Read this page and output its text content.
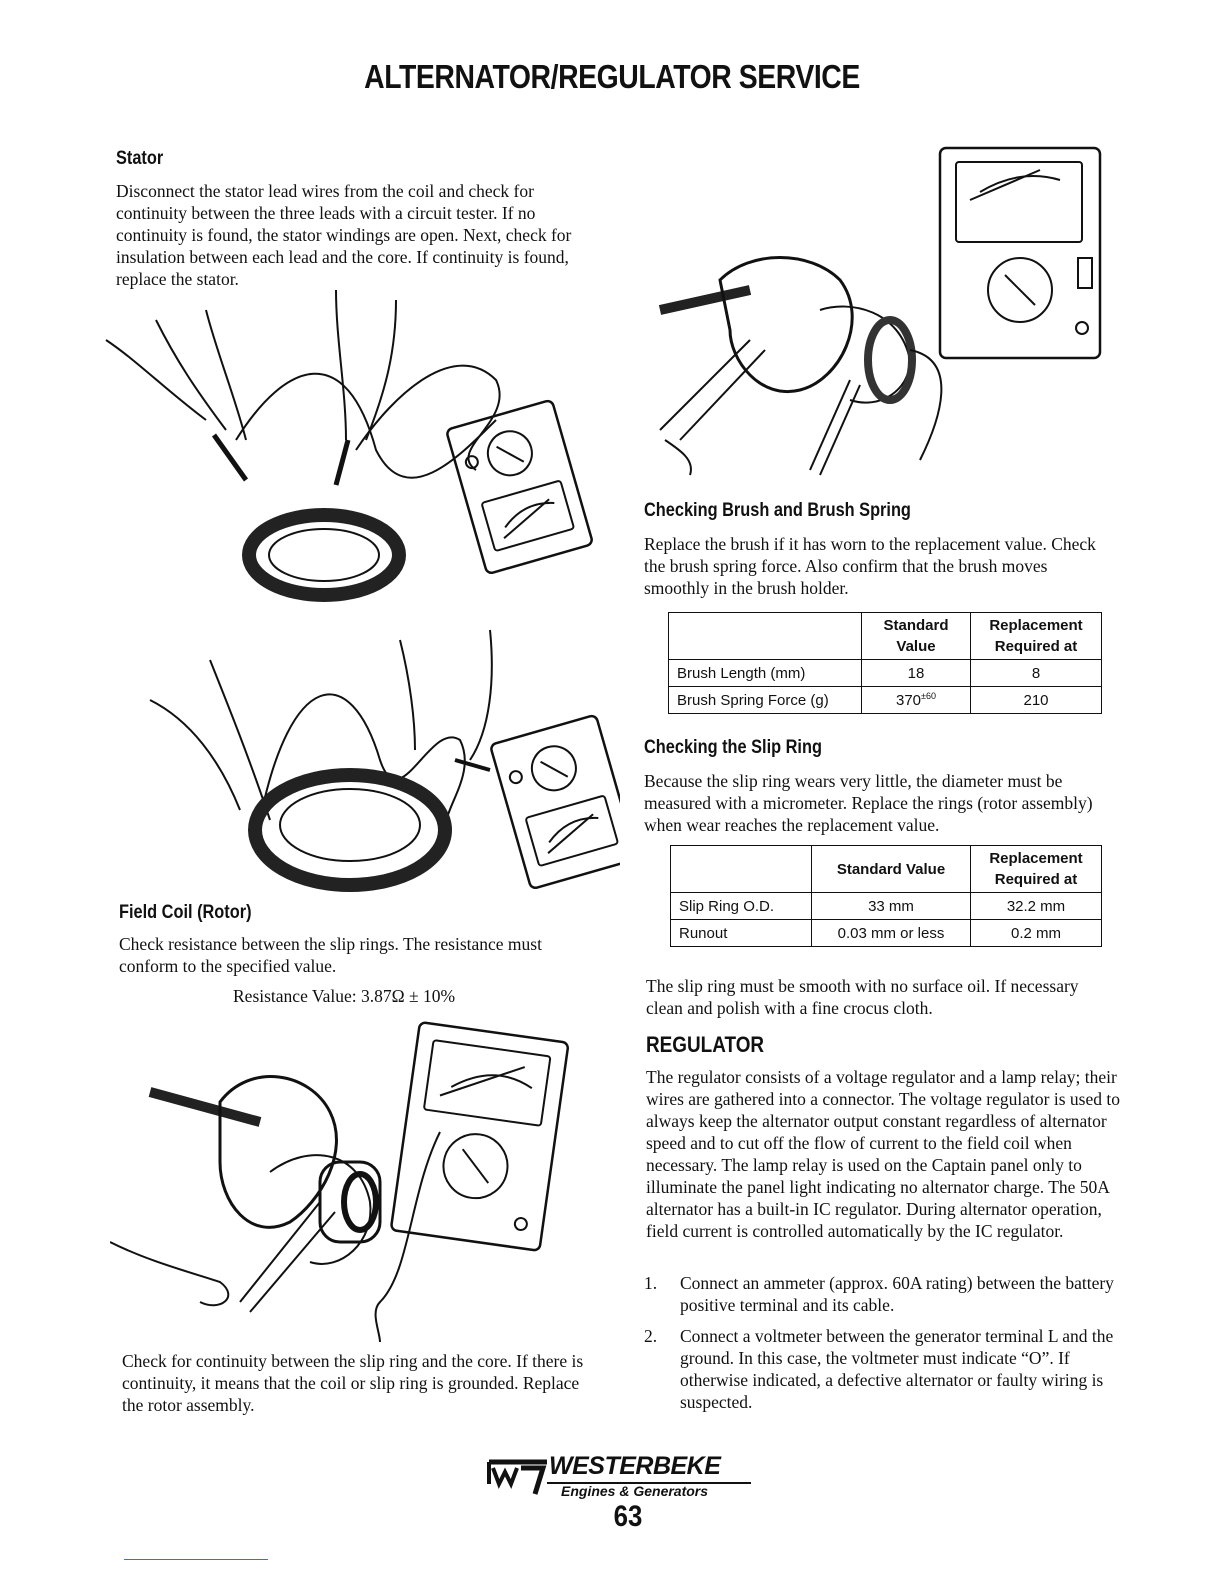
ALTERNATOR/REGULATOR SERVICE
Stator

Disconnect the stator lead wires from the coil and check for continuity between the three leads with a circuit tester. If no continuity is found, the stator windings are open. Next, check for insulation between each lead and the core. If continuity is found, replace the stator.

Field Coil (Rotor)

Check resistance between the slip rings. The resistance must conform to the specified value.

Resistance Value: 3.87Ω ± 10%

Check for continuity between the slip ring and the core. If there is continuity, it means that the coil or slip ring is grounded. Replace the rotor assembly.

Checking Brush and Brush Spring

Replace the brush if it has worn to the replacement value. Check the brush spring force. Also confirm that the brush moves smoothly in the brush holder.

	Standard Value	Replacement Required at
Brush Length (mm)	18	8
Brush Spring Force (g)	$370^{\pm 60}$	210
Checking the Slip Ring

Because the slip ring wears very little, the diameter must be measured with a micrometer. Replace the rings (rotor assembly) when wear reaches the replacement value.

	Standard Value	Replacement Required at
Slip Ring O.D.	33 mm	32.2 mm
Runout	0.03 mm or less	0.2 mm

The slip ring must be smooth with no surface oil. If necessary clean and polish with a fine crocus cloth.

REGULATOR

The regulator consists of a voltage regulator and a lamp relay; their wires are gathered into a connector. The voltage regulator is used to always keep the alternator output constant regardless of alternator speed and to cut off the flow of current to the field coil when necessary. The lamp relay is used on the Captain panel only to illuminate the panel light indicating no alternator charge. The 50A alternator has a built-in IC regulator. During alternator operation, field current is controlled automatically by the IC regulator.

1. Connect an ammeter (approx. 60A rating) between the battery positive terminal and its cable.
2. Connect a voltmeter between the generator terminal L and the ground. In this case, the voltmeter must indicate “O”. If otherwise indicated, a defective alternator or faulty wiring is suspected.
WESTERBEKE
Engines & Generators
63
